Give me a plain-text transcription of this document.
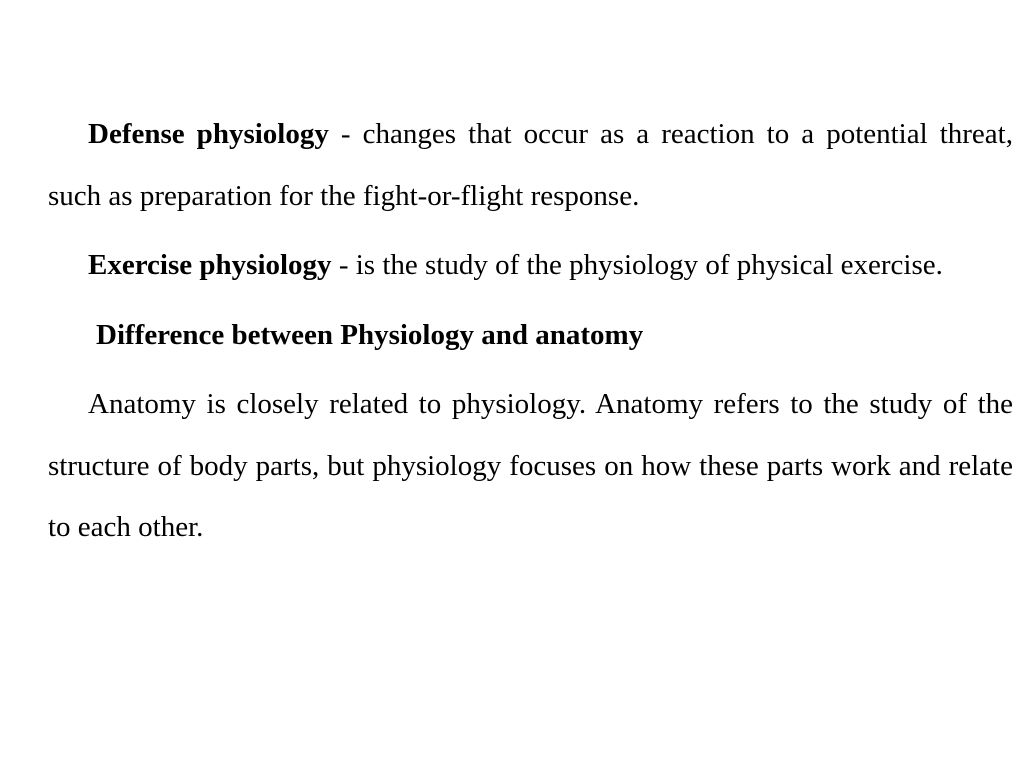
Defense physiology - changes that occur as a reaction to a potential threat, such as preparation for the fight-or-flight response.

Exercise physiology - is the study of the physiology of physical exercise.

Difference between Physiology and anatomy

Anatomy is closely related to physiology. Anatomy refers to the study of the structure of body parts, but physiology focuses on how these parts work and relate to each other.
